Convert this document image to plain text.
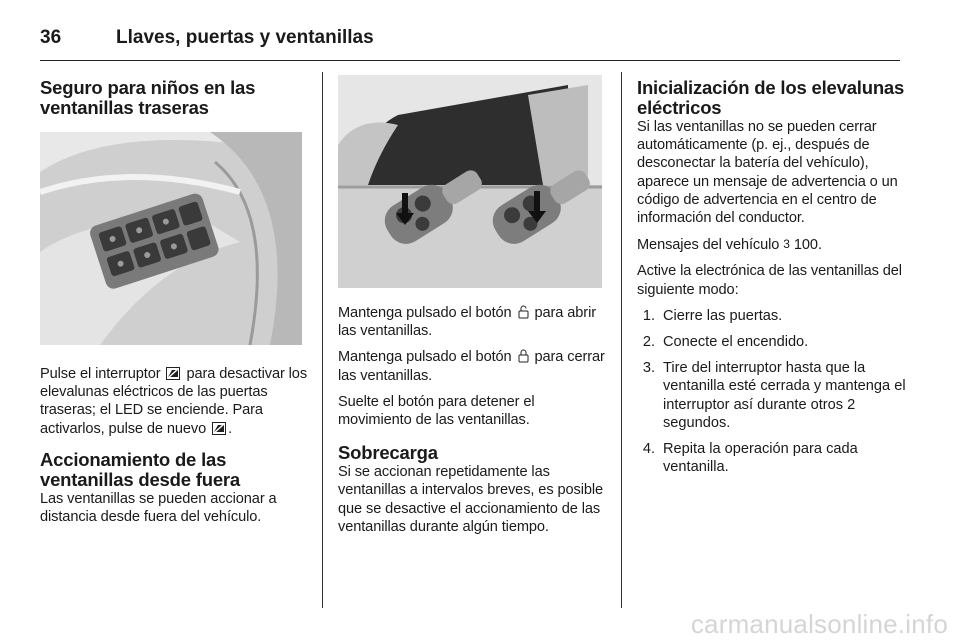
36	Llaves, puertas y ventanillas
Seguro para niños en las ventanillas traseras

Pulse el interruptor para desactivar los elevalunas eléctricos de las puertas traseras; el LED se enciende. Para activarlos, pulse de nuevo .

Accionamiento de las
ventanillas desde fuera

Las ventanillas se pueden accionar a distancia desde fuera del vehículo.

Mantenga pulsado el botón para abrir las ventanillas.

Mantenga pulsado el botón para cerrar las ventanillas.

Suelte el botón para detener el movimiento de las ventanillas.

Sobrecarga

Si se accionan repetidamente las ventanillas a intervalos breves, es posible que se desactive el accionamiento de las ventanillas durante algún tiempo.

Inicialización de los elevalunas eléctricos

Si las ventanillas no se pueden cerrar automáticamente (p. ej., después de desconectar la batería del vehículo), aparece un mensaje de advertencia o un código de advertencia en el centro de información del conductor.

Mensajes del vehículo 3 100.

Active la electrónica de las ventanillas del siguiente modo:

1. Cierre las puertas.
2. Conecte el encendido.
3. Tire del interruptor hasta que la ventanilla esté cerrada y mantenga el interruptor así durante otros 2 segundos.
4. Repita la operación para cada ventanilla.
carmanualsonline.info
